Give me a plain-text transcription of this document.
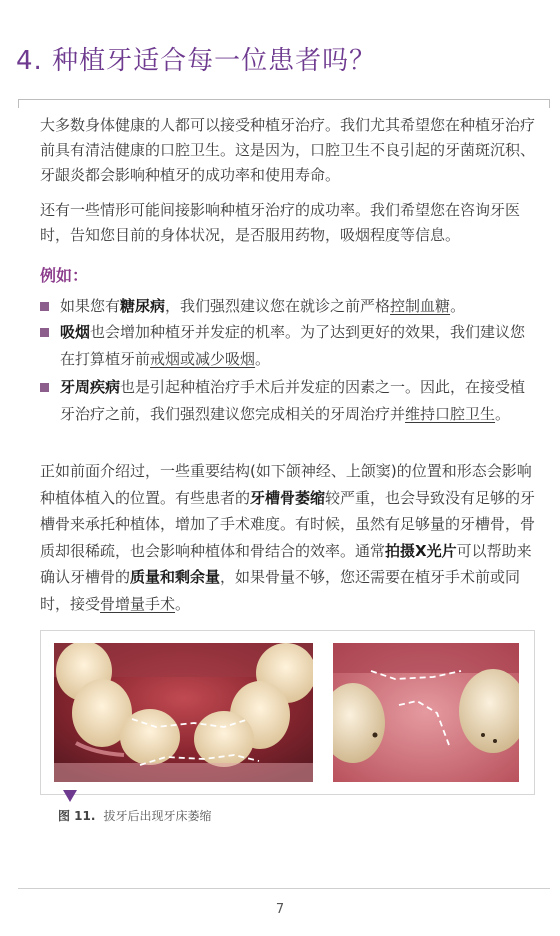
4. 种植牙适合每一位患者吗？
大多数身体健康的人都可以接受种植牙治疗。我们尤其希望您在种植牙治疗前具有清洁健康的口腔卫生。这是因为，口腔卫生不良引起的牙菌斑沉积、牙龈炎都会影响种植牙的成功率和使用寿命。
还有一些情形可能间接影响种植牙治疗的成功率。我们希望您在咨询牙医时，告知您目前的身体状况，是否服用药物，吸烟程度等信息。
例如：
如果您有糖尿病，我们强烈建议您在就诊之前严格控制血糖。
吸烟也会增加种植牙并发症的机率。为了达到更好的效果，我们建议您在打算植牙前戒烟或减少吸烟。
牙周疾病也是引起种植治疗手术后并发症的因素之一。因此，在接受植牙治疗之前，我们强烈建议您完成相关的牙周治疗并维持口腔卫生。
正如前面介绍过，一些重要结构(如下颌神经、上颌窦)的位置和形态会影响种植体植入的位置。有些患者的牙槽骨萎缩较严重，也会导致没有足够的牙槽骨来承托种植体，增加了手术难度。有时候，虽然有足够量的牙槽骨，骨质却很稀疏，也会影响种植体和骨结合的效率。通常拍摄X光片可以帮助来确认牙槽骨的质量和剩余量，如果骨量不够，您还需要在植牙手术前或同时，接受骨增量手术。
图 11. 拔牙后出现牙床萎缩
7
